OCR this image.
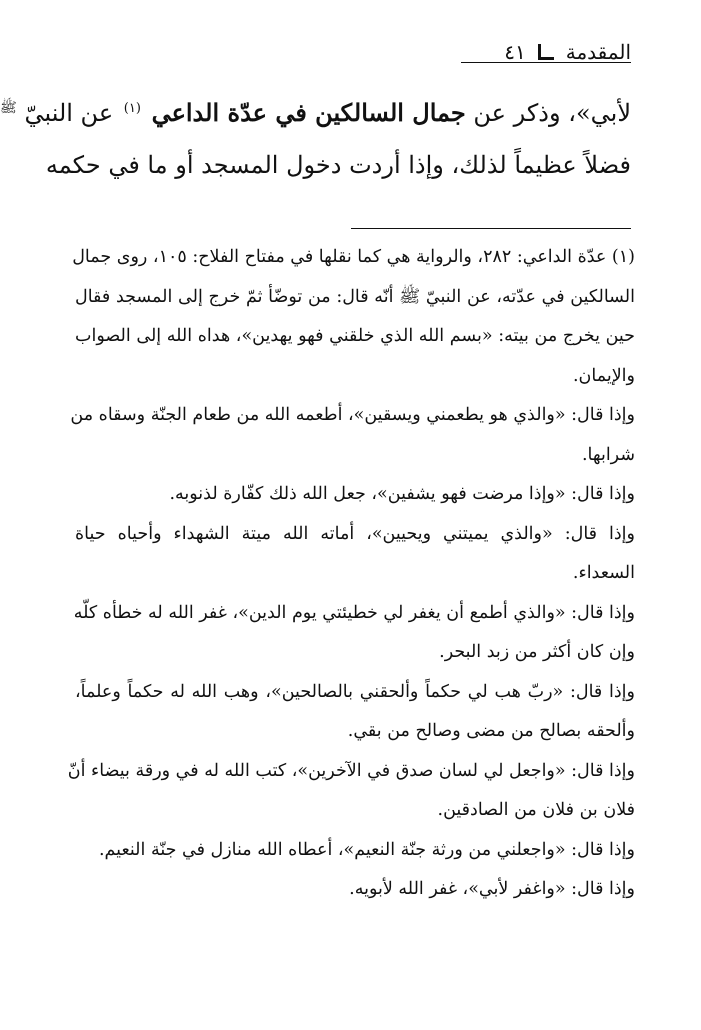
المقدمة
٤١
لأبي»، وذكر عن جمال السالكين في عدّة الداعي $^{(١)}$ عن النبيّ $^ﷺ$
فضلاً عظيماً لذلك، وإذا أردت دخول المسجد أو ما في حكمه
(١) عدّة الداعي: ٢٨٢، والرواية هي كما نقلها في مفتاح الفلاح: ١٠٥، روى جمال
السالكين في عدّته، عن النبيّ ﷺ أنّه قال: من توضّأ ثمّ خرج إلى المسجد فقال
حين يخرج من بيته: «بسم الله الذي خلقني فهو يهدين»، هداه الله إلى الصواب
والإيمان.
وإذا قال: «والذي هو يطعمني ويسقين»، أطعمه الله من طعام الجنّة وسقاه من
شرابها.
وإذا قال: «وإذا مرضت فهو يشفين»، جعل الله ذلك كفّارة لذنوبه.
وإذا قال: «والذي يميتني ويحيين»، أماته الله ميتة الشهداء وأحياه حياة
السعداء.
وإذا قال: «والذي أطمع أن يغفر لي خطيئتي يوم الدين»، غفر الله له خطأه كلّه
وإن كان أكثر من زبد البحر.
وإذا قال: «ربّ هب لي حكماً وألحقني بالصالحين»، وهب الله له حكماً وعلماً،
وألحقه بصالح من مضى وصالح من بقي.
وإذا قال: «واجعل لي لسان صدق في الآخرين»، كتب الله له في ورقة بيضاء أنّ
فلان بن فلان من الصادقين.
وإذا قال: «واجعلني من ورثة جنّة النعيم»، أعطاه الله منازل في جنّة النعيم.
وإذا قال: «واغفر لأبي»، غفر الله لأبويه.
